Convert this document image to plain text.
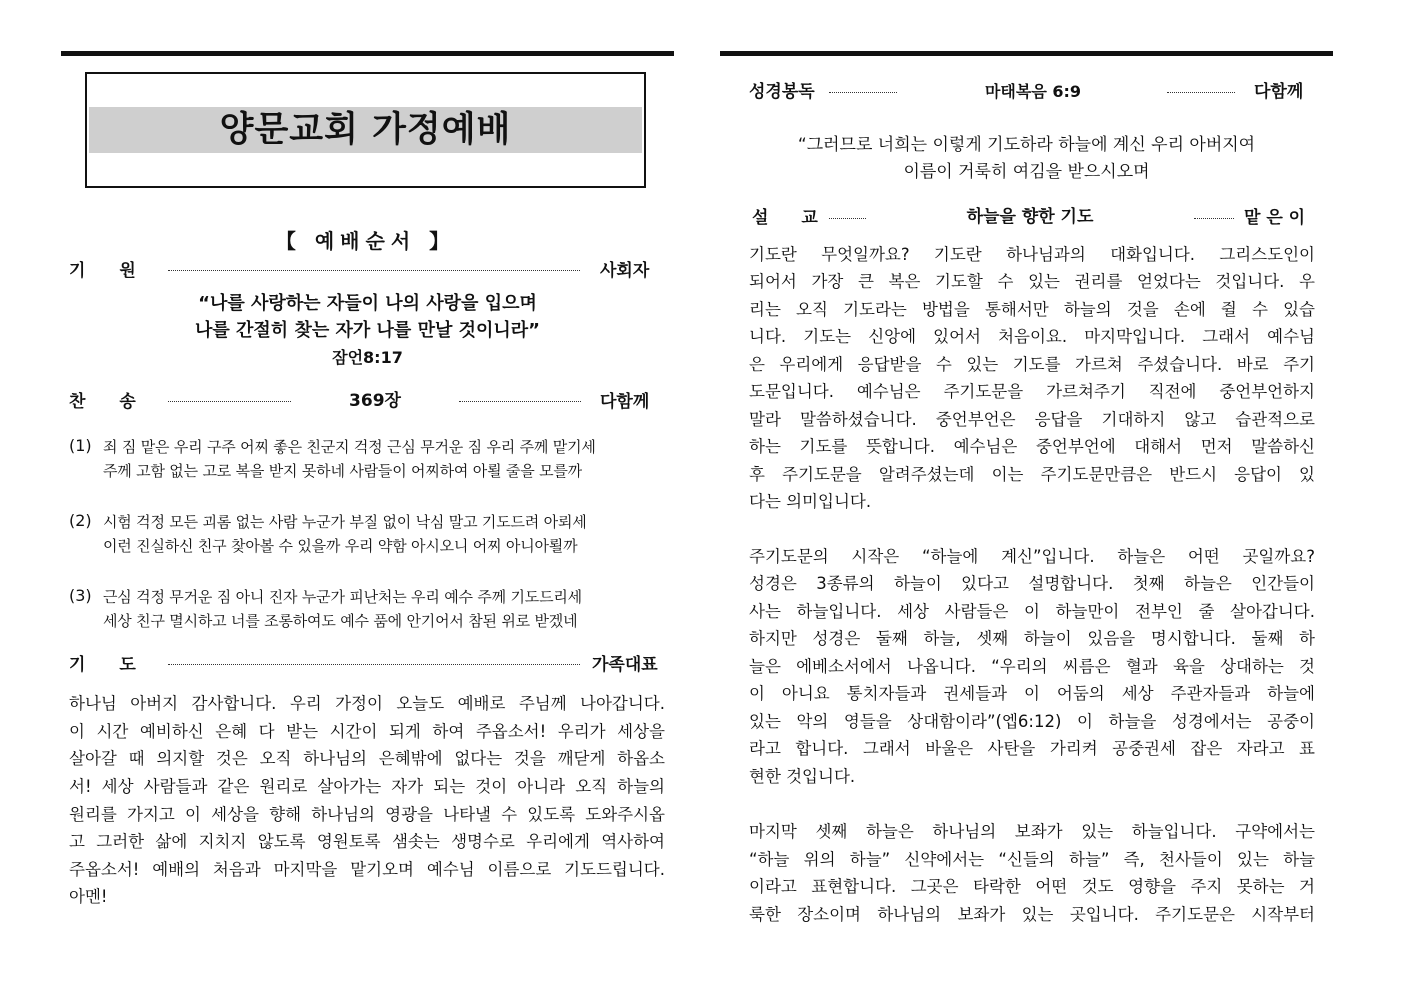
양문교회 가정예배
【 예배순서 】
기　　원	사회자
“나를 사랑하는 자들이 나의 사랑을 입으며
나를 간절히 찾는 자가 나를 만날 것이니라”
잠언8:17
찬　　송	369장	다함께
(1) 죄 짐 맡은 우리 구주 어찌 좋은 친군지 걱정 근심 무거운 짐 우리 주께 맡기세
주께 고함 없는 고로 복을 받지 못하네 사람들이 어찌하여 아뢸 줄을 모를까
(2) 시험 걱정 모든 괴롬 없는 사람 누군가 부질 없이 낙심 말고 기도드려 아뢰세
이런 진실하신 친구 찾아볼 수 있을까 우리 약함 아시오니 어찌 아니아뢸까
(3) 근심 걱정 무거운 짐 아니 진자 누군가 피난처는 우리 예수 주께 기도드리세
세상 친구 멸시하고 너를 조롱하여도 예수 품에 안기어서 참된 위로 받겠네
기　　도	가족대표
하나님 아버지 감사합니다. 우리 가정이 오늘도 예배로 주님께 나아갑니다.
이 시간 예비하신 은혜 다 받는 시간이 되게 하여 주옵소서! 우리가 세상을
살아갈 때 의지할 것은 오직 하나님의 은혜밖에 없다는 것을 깨닫게 하옵소
서! 세상 사람들과 같은 원리로 살아가는 자가 되는 것이 아니라 오직 하늘의
원리를 가지고 이 세상을 향해 하나님의 영광을 나타낼 수 있도록 도와주시옵
고 그러한 삶에 지치지 않도록 영원토록 샘솟는 생명수로 우리에게 역사하여
주옵소서! 예배의 처음과 마지막을 맡기오며 예수님 이름으로 기도드립니다.
아멘!
성경봉독	마태복음 6:9	다함께
“그러므로 너희는 이렇게 기도하라 하늘에 계신 우리 아버지여
이름이 거룩히 여김을 받으시오며
설　교	하늘을 향한 기도	맡 은 이
기도란 무엇일까요? 기도란 하나님과의 대화입니다. 그리스도인이
되어서 가장 큰 복은 기도할 수 있는 권리를 얻었다는 것입니다. 우
리는 오직 기도라는 방법을 통해서만 하늘의 것을 손에 쥘 수 있습
니다. 기도는 신앙에 있어서 처음이요. 마지막입니다. 그래서 예수님
은 우리에게 응답받을 수 있는 기도를 가르쳐 주셨습니다. 바로 주기
도문입니다. 예수님은 주기도문을 가르쳐주기 직전에 중언부언하지
말라 말씀하셨습니다. 중언부언은 응답을 기대하지 않고 습관적으로
하는 기도를 뜻합니다. 예수님은 중언부언에 대해서 먼저 말씀하신
후 주기도문을 알려주셨는데 이는 주기도문만큼은 반드시 응답이 있
다는 의미입니다.
주기도문의 시작은 “하늘에 계신”입니다. 하늘은 어떤 곳일까요?
성경은 3종류의 하늘이 있다고 설명합니다. 첫째 하늘은 인간들이
사는 하늘입니다. 세상 사람들은 이 하늘만이 전부인 줄 살아갑니다.
하지만 성경은 둘째 하늘, 셋째 하늘이 있음을 명시합니다. 둘째 하
늘은 에베소서에서 나옵니다. “우리의 씨름은 혈과 육을 상대하는 것
이 아니요 통치자들과 권세들과 이 어둠의 세상 주관자들과 하늘에
있는 악의 영들을 상대함이라”(엡6:12) 이 하늘을 성경에서는 공중이
라고 합니다. 그래서 바울은 사탄을 가리켜 공중권세 잡은 자라고 표
현한 것입니다.
마지막 셋째 하늘은 하나님의 보좌가 있는 하늘입니다. 구약에서는
“하늘 위의 하늘” 신약에서는 “신들의 하늘” 즉, 천사들이 있는 하늘
이라고 표현합니다. 그곳은 타락한 어떤 것도 영향을 주지 못하는 거
룩한 장소이며 하나님의 보좌가 있는 곳입니다. 주기도문은 시작부터
